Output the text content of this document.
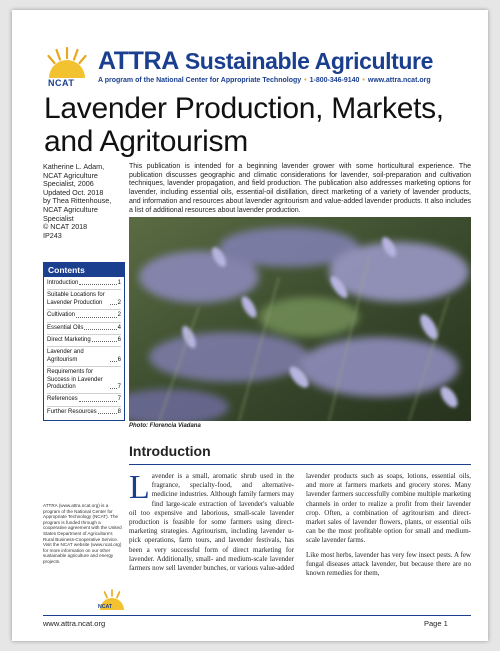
NCAT
ATTRA Sustainable Agriculture
A program of the National Center for Appropriate Technology • 1-800-346-9140 • www.attra.ncat.org
Lavender Production, Markets, and Agritourism
Katherine L. Adam,
NCAT Agriculture
Specialist, 2006
Updated Oct. 2018
by Thea Rittenhouse,
NCAT Agriculture
Specialist
© NCAT 2018
IP243
This publication is intended for a beginning lavender grower with some horticultural experience. The publication discusses geographic and climatic considerations for lavender, soil-preparation and cultivation techniques, lavender propagation, and field production. The publication also addresses marketing options for lavender, including essential oils, essential-oil distillation, direct marketing of a variety of lavender products, and information and resources about lavender agritourism and value-added lavender products. It also includes a list of additional resources about lavender production.
Photo: Florencia Viadana
Contents
Introduction	1
Suitable Locations for Lavender Production	2
Cultivation	2
Essential Oils	4
Direct Marketing	6
Lavender and Agritourism	6
Requirements for Success in Lavender Production	7
References	7
Further Resources	8
Introduction

Lavender is a small, aromatic shrub used in the fragrance, specialty-food, and alternative-medicine industries. Although family farmers may find large-scale extraction of lavender's valuable oil too expensive and laborious, small-scale lavender production is feasible for some farmers using direct-marketing strategies. Agritourism, including lavender u-pick operations, farm tours, and lavender festivals, has been a very successful form of direct marketing for lavender. Additionally, small- and medium-scale lavender farmers now sell lavender bunches, or various value-added lavender products such as soaps, lotions, essential oils, and more at farmers markets and grocery stores. Many lavender farmers successfully combine multiple marketing channels in order to realize a profit from their lavender crop. Often, a combination of agritourism and direct-market sales of lavender flowers, plants, or essential oils can be the most profitable option for small and medium-scale lavender farms.

Like most herbs, lavender has very few insect pests. A few fungal diseases attack lavender, but because there are no known remedies for them,

ATTRA (www.attra.ncat.org) is a program of the National Center for Appropriate Technology (NCAT). The program is funded through a cooperative agreement with the United States Department of Agriculture's Rural Business-Cooperative Service. Visit the NCAT website (www.ncat.org) for more information on our other sustainable agriculture and energy projects.
NCAT
www.attra.ncat.org	Page 1
